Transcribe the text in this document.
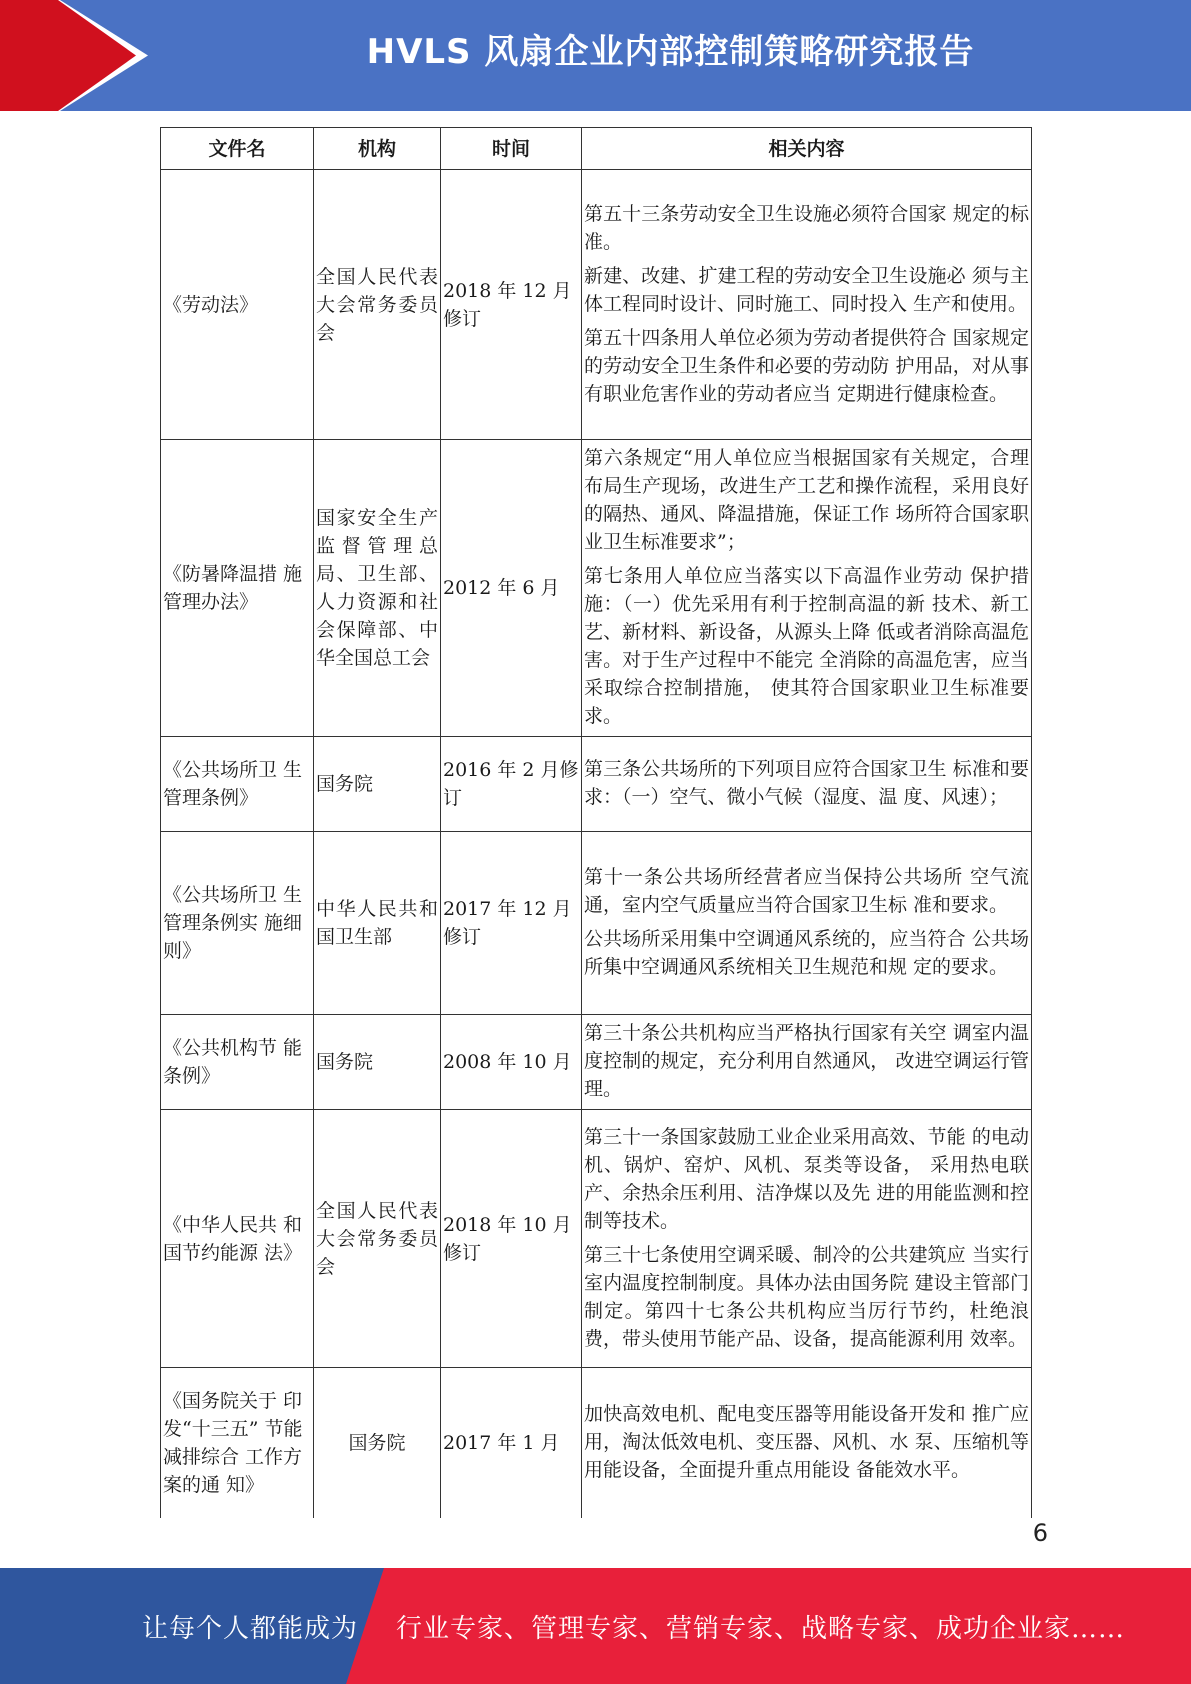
HVLS 风扇企业内部控制策略研究报告
文件名	机构	时间	相关内容
《劳动法》	全国人民代表大会常务委员会	2018 年 12 月修订	第五十三条劳动安全卫生设施必须符合国家 规定的标准。

新建、改建、扩建工程的劳动安全卫生设施必 须与主体工程同时设计、同时施工、同时投入 生产和使用。

第五十四条用人单位必须为劳动者提供符合 国家规定的劳动安全卫生条件和必要的劳动防 护用品，对从事有职业危害作业的劳动者应当 定期进行健康检查。

《防暑降温措 施管理办法》	国家安全生产监督管理总局、卫生部、人力资源和社会保障部、中华全国总工会	2012 年 6 月	第六条规定“用人单位应当根据国家有关规定，合理布局生产现场，改进生产工艺和操作流程，采用良好的隔热、通风、降温措施，保证工作 场所符合国家职业卫生标准要求”；

第七条用人单位应当落实以下高温作业劳动 保护措施：（一）优先采用有利于控制高温的新 技术、新工艺、新材料、新设备，从源头上降 低或者消除高温危害。对于生产过程中不能完 全消除的高温危害，应当采取综合控制措施， 使其符合国家职业卫生标准要求。

《公共场所卫 生管理条例》	国务院	2016 年 2 月修订	第三条公共场所的下列项目应符合国家卫生 标准和要求：（一）空气、微小气候（湿度、温 度、风速）；

《公共场所卫 生管理条例实 施细则》	中华人民共和国卫生部	2017 年 12 月修订	第十一条公共场所经营者应当保持公共场所 空气流通，室内空气质量应当符合国家卫生标 准和要求。

公共场所采用集中空调通风系统的，应当符合 公共场所集中空调通风系统相关卫生规范和规 定的要求。

《公共机构节 能条例》	国务院	2008 年 10 月	第三十条公共机构应当严格执行国家有关空 调室内温度控制的规定，充分利用自然通风， 改进空调运行管理。

《中华人民共 和国节约能源 法》	全国人民代表大会常务委员会	2018 年 10 月修订	第三十一条国家鼓励工业企业采用高效、节能 的电动机、锅炉、窑炉、风机、泵类等设备， 采用热电联产、余热余压利用、洁净煤以及先 进的用能监测和控制等技术。

第三十七条使用空调采暖、制冷的公共建筑应 当实行室内温度控制制度。具体办法由国务院 建设主管部门制定。第四十七条公共机构应当厉行节约，杜绝浪 费，带头使用节能产品、设备，提高能源利用 效率。

《国务院关于 印发“十三五” 节能减排综合 工作方案的通 知》	国务院	2017 年 1 月	加快高效电机、配电变压器等用能设备开发和 推广应用，淘汰低效电机、变压器、风机、水 泵、压缩机等用能设备，全面提升重点用能设 备能效水平。

6
让每个人都能成为 行业专家、管理专家、营销专家、战略专家、成功企业家……
